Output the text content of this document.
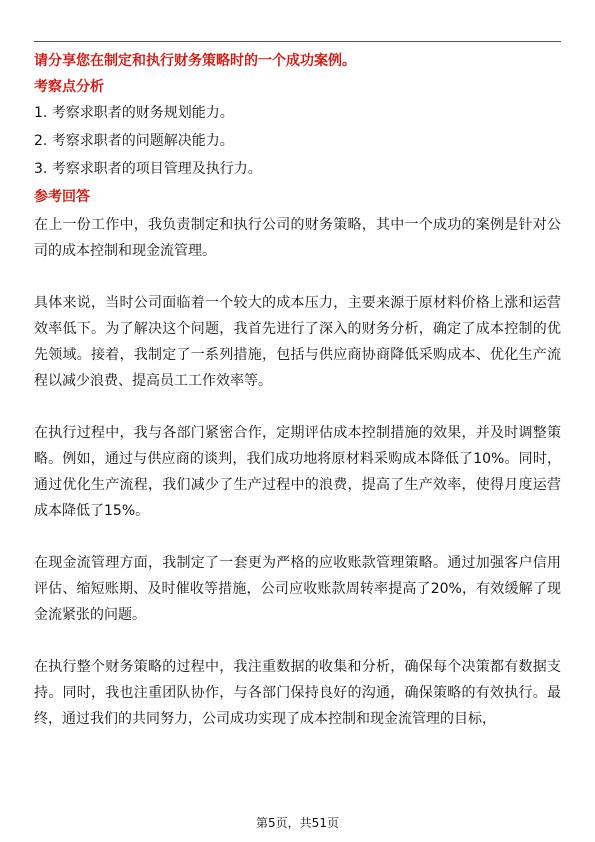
请分享您在制定和执行财务策略时的一个成功案例。
考察点分析
1. 考察求职者的财务规划能力。
2. 考察求职者的问题解决能力。
3. 考察求职者的项目管理及执行力。
参考回答

在上一份工作中，我负责制定和执行公司的财务策略，其中一个成功的案例是针对公司的成本控制和现金流管理。

具体来说，当时公司面临着一个较大的成本压力，主要来源于原材料价格上涨和运营效率低下。为了解决这个问题，我首先进行了深入的财务分析，确定了成本控制的优先领域。接着，我制定了一系列措施，包括与供应商协商降低采购成本、优化生产流程以减少浪费、提高员工工作效率等。

在执行过程中，我与各部门紧密合作，定期评估成本控制措施的效果，并及时调整策略。例如，通过与供应商的谈判，我们成功地将原材料采购成本降低了10%。同时，通过优化生产流程，我们减少了生产过程中的浪费，提高了生产效率，使得月度运营成本降低了15%。

在现金流管理方面，我制定了一套更为严格的应收账款管理策略。通过加强客户信用评估、缩短账期、及时催收等措施，公司应收账款周转率提高了20%，有效缓解了现金流紧张的问题。

在执行整个财务策略的过程中，我注重数据的收集和分析，确保每个决策都有数据支持。同时，我也注重团队协作，与各部门保持良好的沟通，确保策略的有效执行。最终，通过我们的共同努力，公司成功实现了成本控制和现金流管理的目标，

第5页，共51页
